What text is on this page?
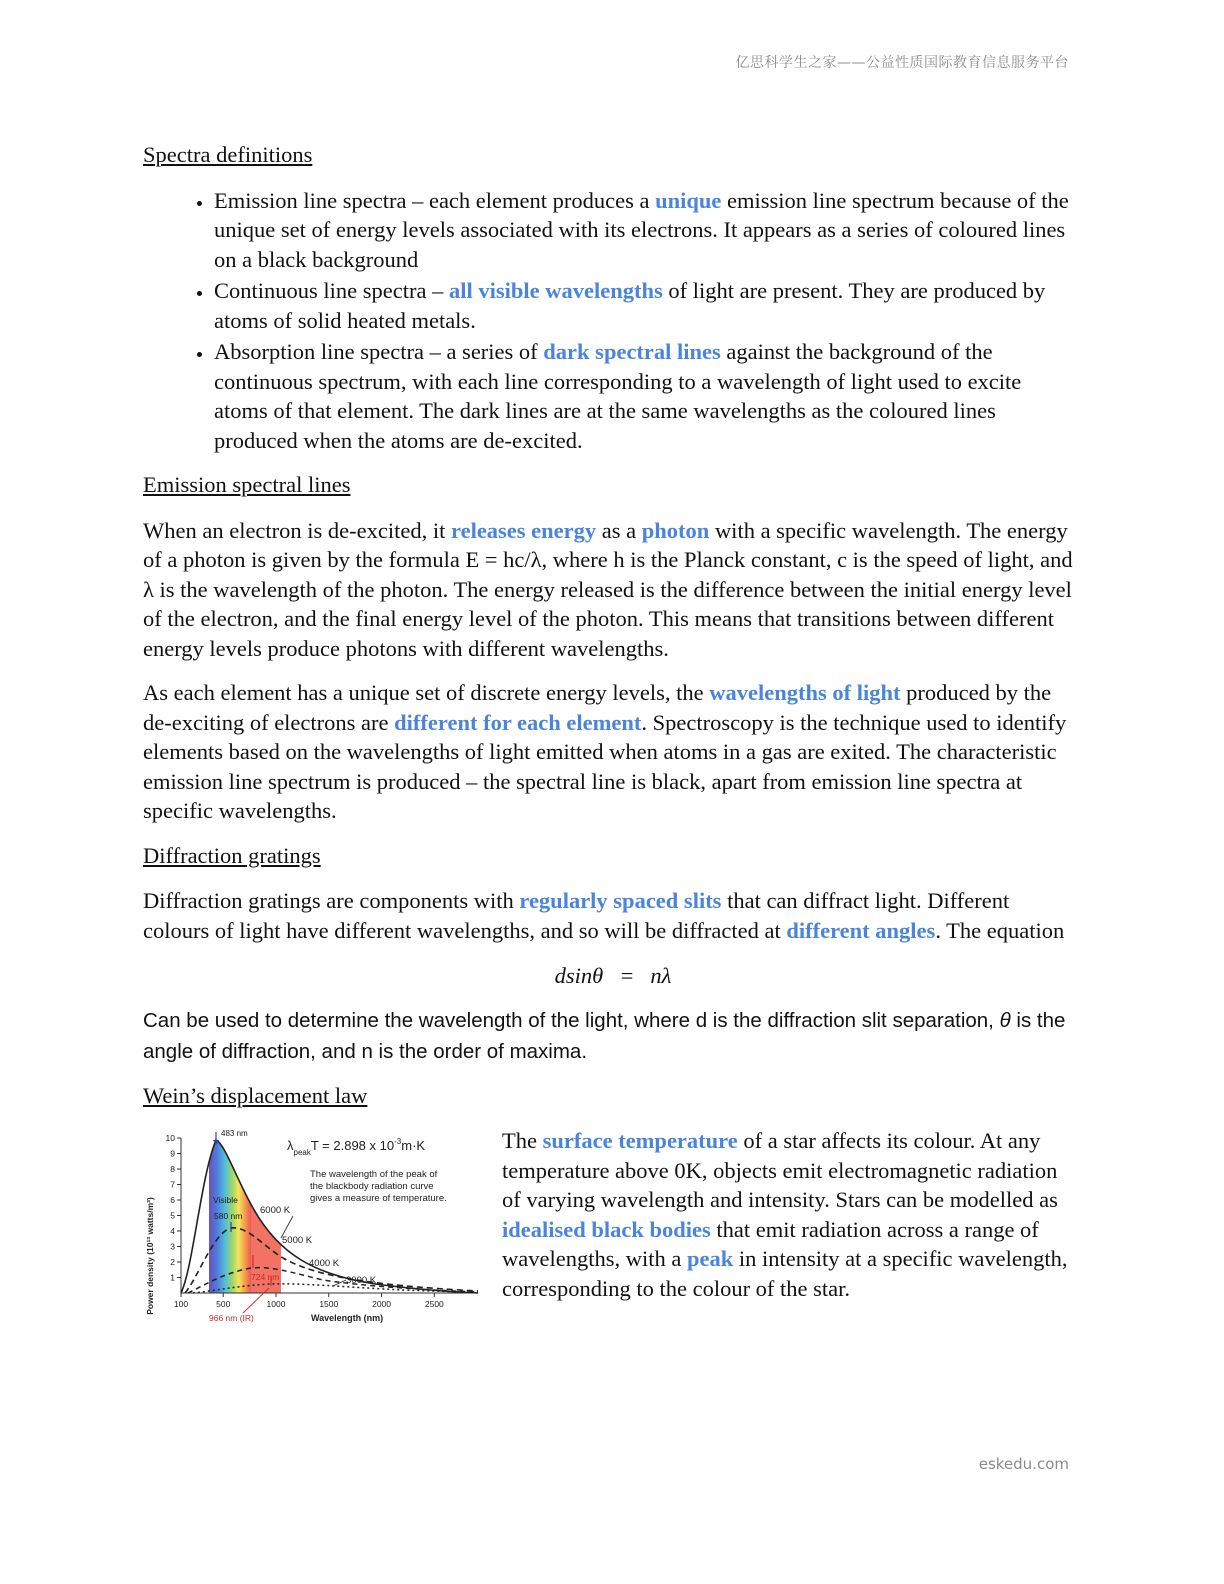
亿思科学生之家——公益性质国际教育信息服务平台
Spectra definitions
• Emission line spectra – each element produces a unique emission line spectrum because of the unique set of energy levels associated with its electrons. It appears as a series of coloured lines on a black background
• Continuous line spectra – all visible wavelengths of light are present. They are produced by atoms of solid heated metals.
• Absorption line spectra – a series of dark spectral lines against the background of the continuous spectrum, with each line corresponding to a wavelength of light used to excite atoms of that element. The dark lines are at the same wavelengths as the coloured lines produced when the atoms are de-excited.
Emission spectral lines

When an electron is de-excited, it releases energy as a photon with a specific wavelength. The energy of a photon is given by the formula E = hc/λ, where h is the Planck constant, c is the speed of light, and λ is the wavelength of the photon. The energy released is the difference between the initial energy level of the electron, and the final energy level of the photon. This means that transitions between different energy levels produce photons with different wavelengths.

As each element has a unique set of discrete energy levels, the wavelengths of light produced by the de-exciting of electrons are different for each element. Spectroscopy is the technique used to identify elements based on the wavelengths of light emitted when atoms in a gas are exited. The characteristic emission line spectrum is produced – the spectral line is black, apart from emission line spectra at specific wavelengths.

Diffraction gratings

Diffraction gratings are components with regularly spaced slits that can diffract light. Different colours of light have different wavelengths, and so will be diffracted at different angles. The equation

dsinθ = nλ

Can be used to determine the wavelength of the light, where d is the diffraction slit separation, θ is the angle of diffraction, and n is the order of maxima.

Wein’s displacement law
1
2
3
4
5
6
7
8
9
10
100	500	1000	1500	2000	2500
Power density (10¹³ watts/m³)
Wavelength (nm)
483 nm
Visible
580 nm
724 nm
966 nm (IR)
6000 K
5000 K
4000 K
3000 K
$\lambda_{peak}T = 2.898$ x $10^{-3}m\cdot K$
The wavelength of the peak of
the blackbody radiation curve
gives a measure of temperature.

The surface temperature of a star affects its colour. At any temperature above 0K, objects emit electromagnetic radiation of varying wavelength and intensity. Stars can be modelled as idealised black bodies that emit radiation across a range of wavelengths, with a peak in intensity at a specific wavelength, corresponding to the colour of the star.

eskedu.com
